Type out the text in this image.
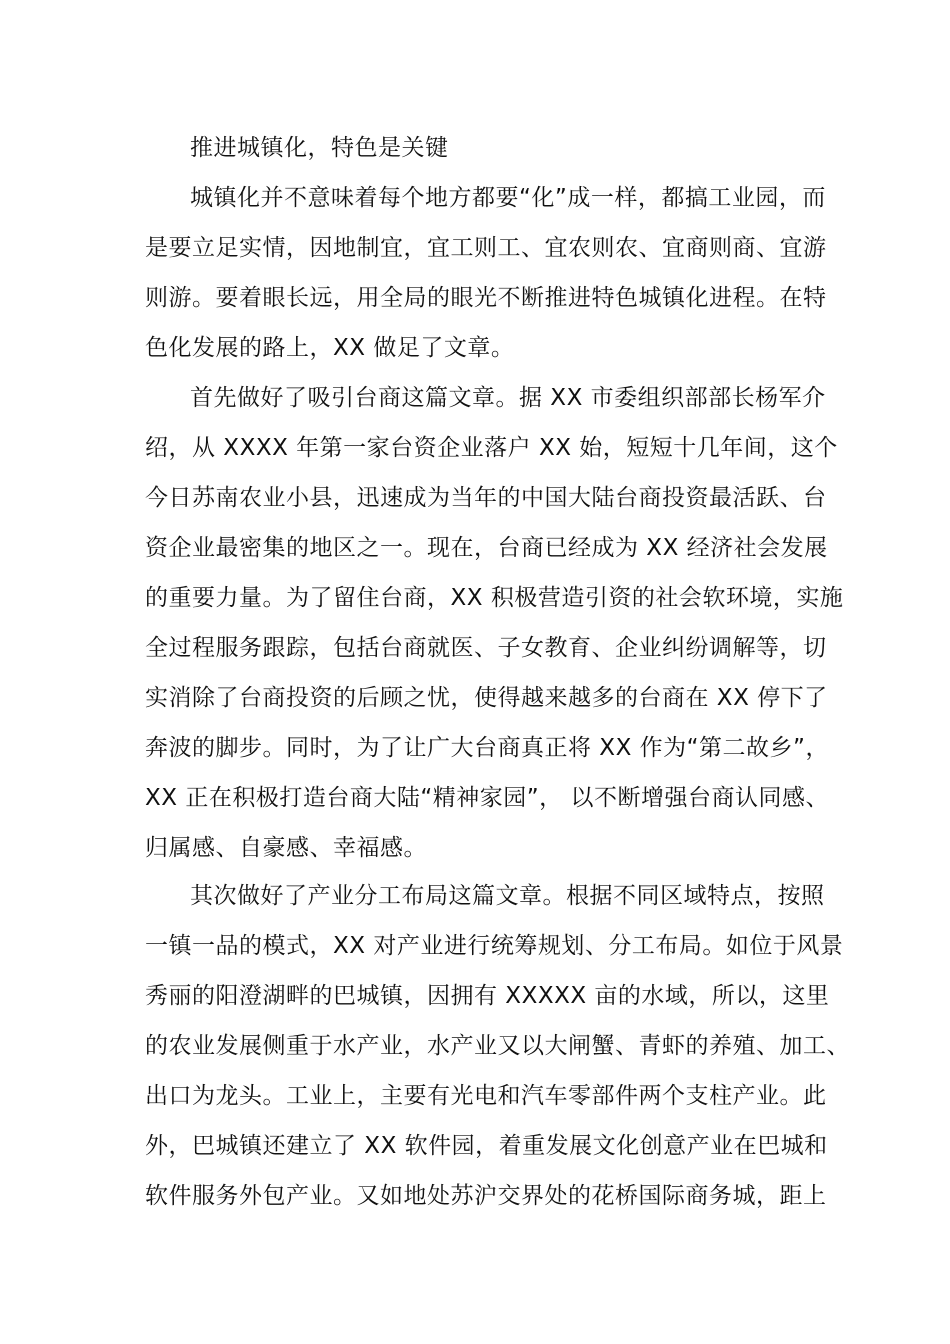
推进城镇化，特色是关键
城镇化并不意味着每个地方都要“化”成一样，都搞工业园，而
是要立足实情，因地制宜，宜工则工、宜农则农、宜商则商、宜游
则游。要着眼长远，用全局的眼光不断推进特色城镇化进程。在特
色化发展的路上，XX 做足了文章。
首先做好了吸引台商这篇文章。据 XX 市委组织部部长杨军介
绍，从 XXXX 年第一家台资企业落户 XX 始，短短十几年间，这个
今日苏南农业小县，迅速成为当年的中国大陆台商投资最活跃、台
资企业最密集的地区之一。现在，台商已经成为 XX 经济社会发展
的重要力量。为了留住台商，XX 积极营造引资的社会软环境，实施
全过程服务跟踪，包括台商就医、子女教育、企业纠纷调解等，切
实消除了台商投资的后顾之忧，使得越来越多的台商在 XX 停下了
奔波的脚步。同时，为了让广大台商真正将 XX 作为“第二故乡”，
XX 正在积极打造台商大陆“精神家园”， 以不断增强台商认同感、
归属感、自豪感、幸福感。
其次做好了产业分工布局这篇文章。根据不同区域特点，按照
一镇一品的模式，XX 对产业进行统筹规划、分工布局。如位于风景
秀丽的阳澄湖畔的巴城镇，因拥有 XXXXX 亩的水域，所以，这里
的农业发展侧重于水产业，水产业又以大闸蟹、青虾的养殖、加工、
出口为龙头。工业上，主要有光电和汽车零部件两个支柱产业。此
外，巴城镇还建立了 XX 软件园，着重发展文化创意产业在巴城和
软件服务外包产业。又如地处苏沪交界处的花桥国际商务城，距上
